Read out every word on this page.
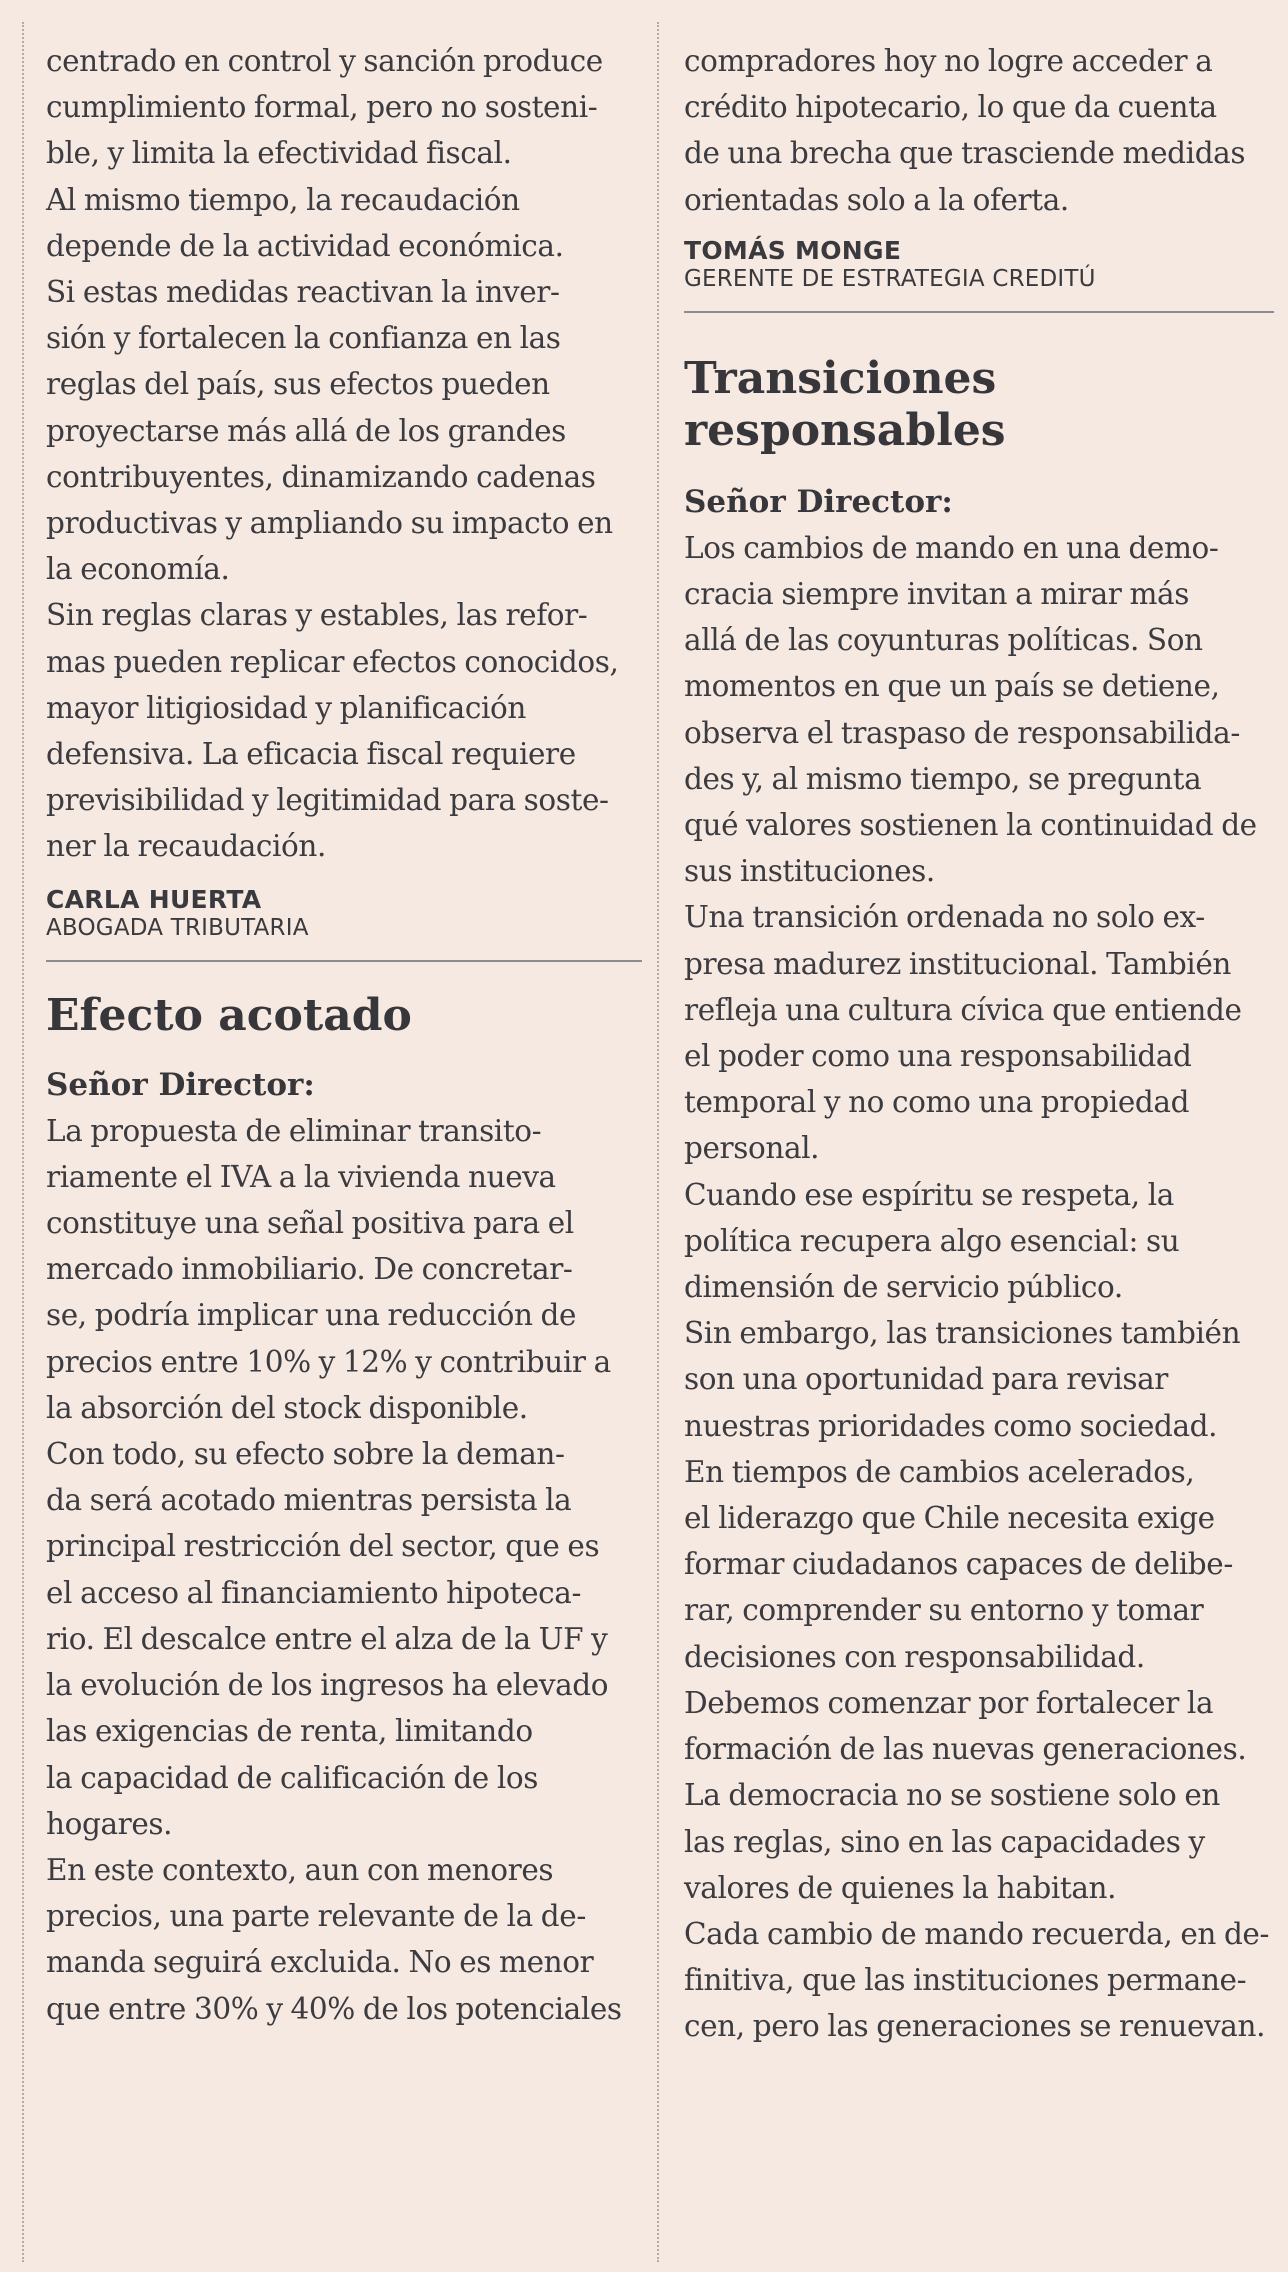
centrado en control y sanción produce
cumplimiento formal, pero no sosteni-
ble, y limita la efectividad fiscal.

Al mismo tiempo, la recaudación
depende de la actividad económica.

Si estas medidas reactivan la inver-
sión y fortalecen la confianza en las
reglas del país, sus efectos pueden
proyectarse más allá de los grandes
contribuyentes, dinamizando cadenas
productivas y ampliando su impacto en
la economía.

Sin reglas claras y estables, las refor-
mas pueden replicar efectos conocidos,
mayor litigiosidad y planificación
defensiva. La eficacia fiscal requiere
previsibilidad y legitimidad para soste-
ner la recaudación.

CARLA HUERTA
ABOGADA TRIBUTARIA
Efecto acotado
Señor Director:

La propuesta de eliminar transito-
riamente el IVA a la vivienda nueva
constituye una señal positiva para el
mercado inmobiliario. De concretar-
se, podría implicar una reducción de
precios entre 10% y 12% y contribuir a
la absorción del stock disponible.

Con todo, su efecto sobre la deman-
da será acotado mientras persista la
principal restricción del sector, que es
el acceso al financiamiento hipoteca-
rio. El descalce entre el alza de la UF y
la evolución de los ingresos ha elevado
las exigencias de renta, limitando
la capacidad de calificación de los
hogares.

En este contexto, aun con menores
precios, una parte relevante de la de-
manda seguirá excluida. No es menor
que entre 30% y 40% de los potenciales

compradores hoy no logre acceder a
crédito hipotecario, lo que da cuenta
de una brecha que trasciende medidas
orientadas solo a la oferta.

TOMÁS MONGE
GERENTE DE ESTRATEGIA CREDITÚ
Transiciones
responsables
Señor Director:

Los cambios de mando en una demo-
cracia siempre invitan a mirar más
allá de las coyunturas políticas. Son
momentos en que un país se detiene,
observa el traspaso de responsabilida-
des y, al mismo tiempo, se pregunta
qué valores sostienen la continuidad de
sus instituciones.

Una transición ordenada no solo ex-
presa madurez institucional. También
refleja una cultura cívica que entiende
el poder como una responsabilidad
temporal y no como una propiedad
personal.

Cuando ese espíritu se respeta, la
política recupera algo esencial: su
dimensión de servicio público.

Sin embargo, las transiciones también
son una oportunidad para revisar
nuestras prioridades como sociedad.

En tiempos de cambios acelerados,
el liderazgo que Chile necesita exige
formar ciudadanos capaces de delibe-
rar, comprender su entorno y tomar
decisiones con responsabilidad.

Debemos comenzar por fortalecer la
formación de las nuevas generaciones.

La democracia no se sostiene solo en
las reglas, sino en las capacidades y
valores de quienes la habitan.

Cada cambio de mando recuerda, en de-
finitiva, que las instituciones permane-
cen, pero las generaciones se renuevan.
